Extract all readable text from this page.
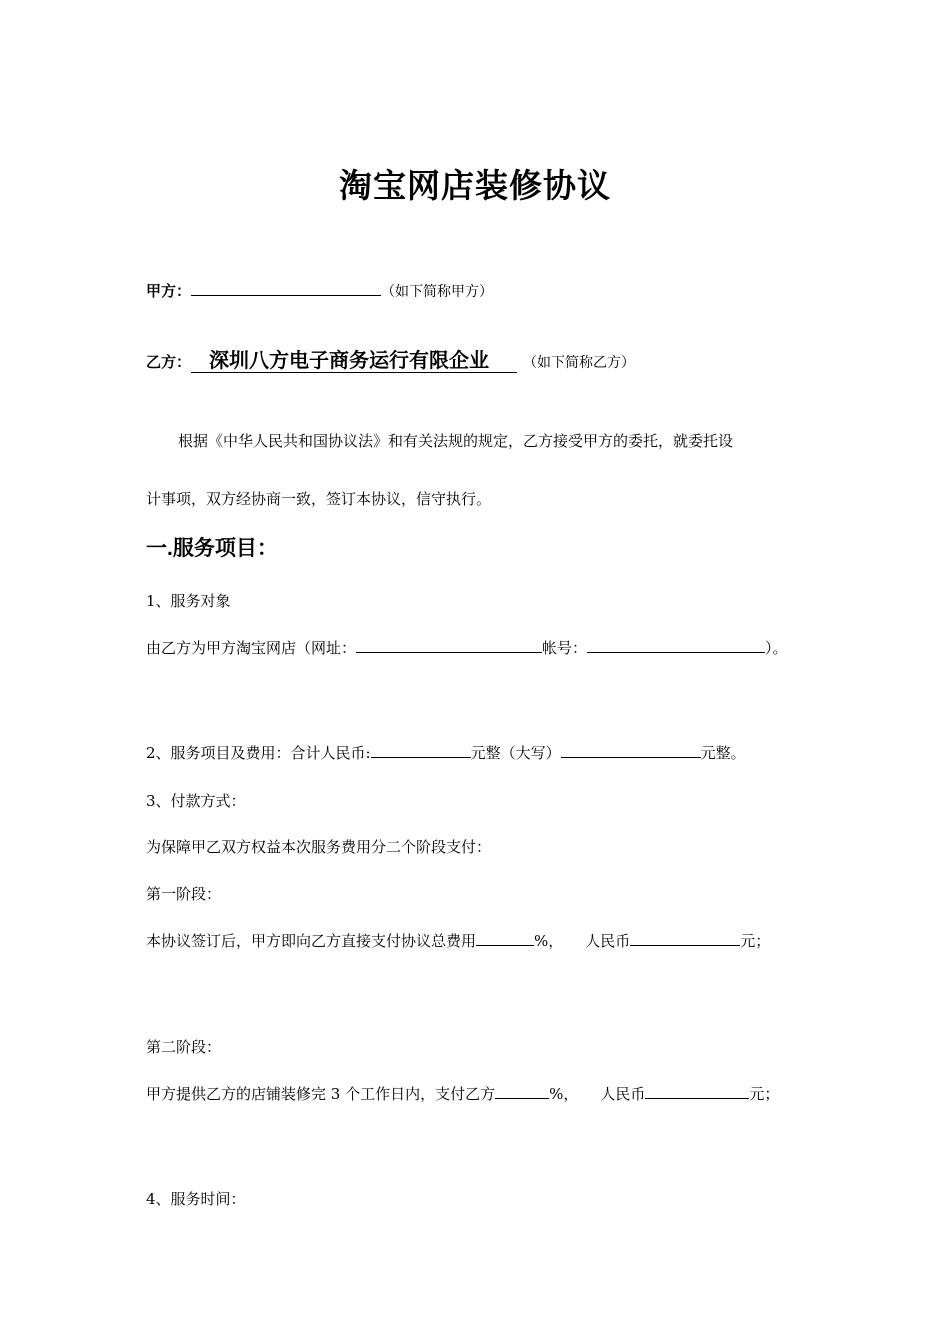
淘宝网店装修协议
甲方：	（如下简称甲方）
乙方： 深圳八方电子商务运行有限企业 （如下简称乙方）
根据《中华人民共和国协议法》和有关法规的规定，乙方接受甲方的委托，就委托设
计事项，双方经协商一致，签订本协议，信守执行。
一.服务项目：
1、服务对象
由乙方为甲方淘宝网店（网址：	帐号：	）。
2、服务项目及费用：合计人民币:	元整（大写）	元整。
3、付款方式：
为保障甲乙双方权益本次服务费用分二个阶段支付：
第一阶段：
本协议签订后，甲方即向乙方直接支付协议总费用	%， 人民币	元；
第二阶段：
甲方提供乙方的店铺装修完 3 个工作日内，支付乙方	%， 人民币	元；
4、服务时间：
